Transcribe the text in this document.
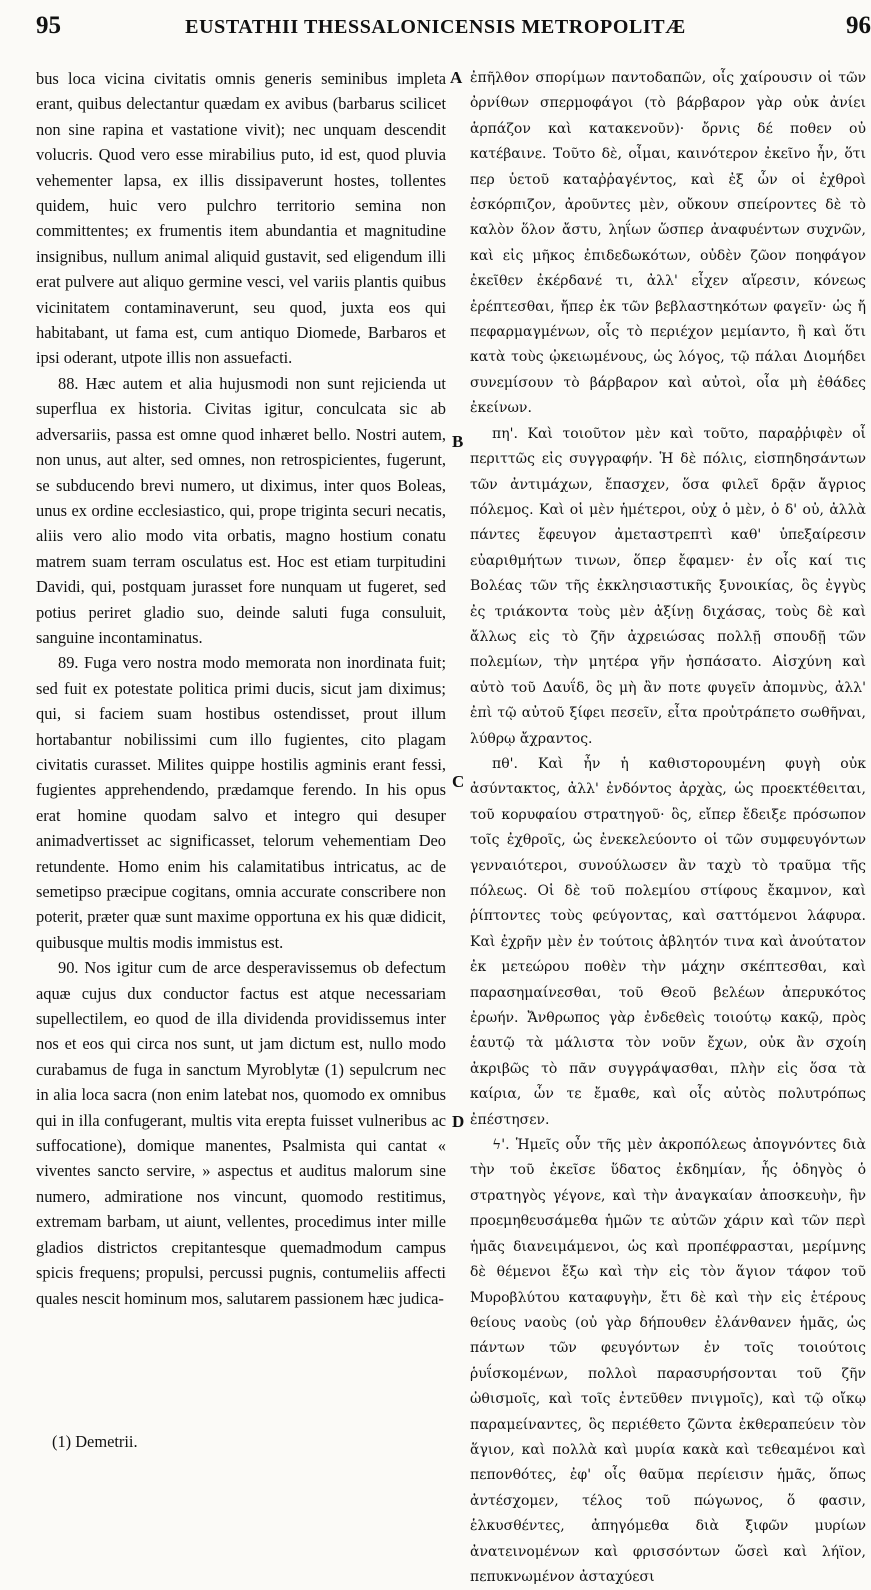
95	EUSTATHII THESSALONICENSIS METROPOLITÆ	96

bus loca vicina civitatis omnis generis seminibus impleta erant, quibus delectantur quædam ex avibus (barbarus scilicet non sine rapina et vastatione vivit); nec unquam descendit volucris. Quod vero esse mirabilius puto, id est, quod pluvia vehementer lapsa, ex illis dissipaverunt hostes, tollentes quidem, huic vero pulchro territorio semina non committentes; ex frumentis item abundantia et magnitudine insignibus, nullum animal aliquid gustavit, sed eligendum illi erat pulvere aut aliquo germine vesci, vel variis plantis quibus vicinitatem contaminaverunt, seu quod, juxta eos qui habitabant, ut fama est, cum antiquo Diomede, Barbaros et ipsi oderant, utpote illis non assuefacti.

88. Hæc autem et alia hujusmodi non sunt rejicienda ut superflua ex historia. Civitas igitur, conculcata sic ab adversariis, passa est omne quod inhæret bello. Nostri autem, non unus, aut alter, sed omnes, non retrospicientes, fugerunt, se subducendo brevi numero, ut diximus, inter quos Boleas, unus ex ordine ecclesiastico, qui, prope triginta securi necatis, aliis vero alio modo vita orbatis, magno hostium conatu matrem suam terram osculatus est. Hoc est etiam turpitudini Davidi, qui, postquam jurasset fore nunquam ut fugeret, sed potius periret gladio suo, deinde saluti fuga consuluit, sanguine incontaminatus.

89. Fuga vero nostra modo memorata non inordinata fuit; sed fuit ex potestate politica primi ducis, sicut jam diximus; qui, si faciem suam hostibus ostendisset, prout illum hortabantur nobilissimi cum illo fugientes, cito plagam civitatis curasset. Milites quippe hostilis agminis erant fessi, fugientes apprehendendo, prædamque ferendo. In his opus erat homine quodam salvo et integro qui desuper animadvertisset ac significasset, telorum vehementiam Deo retundente. Homo enim his calamitatibus intricatus, ac de semetipso præcipue cogitans, omnia accurate conscribere non poterit, præter quæ sunt maxime opportuna ex his quæ didicit, quibusque multis modis immistus est.

90. Nos igitur cum de arce desperavissemus ob defectum aquæ cujus dux conductor factus est atque necessariam supellectilem, eo quod de illa dividenda providissemus inter nos et eos qui circa nos sunt, ut jam dictum est, nullo modo curabamus de fuga in sanctum Myroblytæ (1) sepulcrum nec in alia loca sacra (non enim latebat nos, quomodo ex omnibus qui in illa confugerant, multis vita erepta fuisset vulneribus ac suffocatione), domique manentes, Psalmista qui cantat « viventes sancto servire, » aspectus et auditus malorum sine numero, admiratione nos vincunt, quomodo restitimus, extremam barbam, ut aiunt, vellentes, procedimus inter mille gladios districtos crepitantesque quemadmodum campus spicis frequens; propulsi, percussi pugnis, contumeliis affecti quales nescit hominum mos, salutarem passionem hæc judica-

A
B
C
D

ἐπῆλθον σπορίμων παντοδαπῶν, οἷς χαίρουσιν οἱ τῶν ὀρνίθων σπερμοφάγοι (τὸ βάρβαρον γὰρ οὐκ ἀνίει ἁρπάζον καὶ κατακενοῦν)· ὄρνις δέ ποθεν οὐ κατέβαινε. Τοῦτο δὲ, οἶμαι, καινότερον ἐκεῖνο ἦν, ὅτι περ ὑετοῦ καταῤῥαγέντος, καὶ ἐξ ὧν οἱ ἐχθροὶ ἐσκόρπιζον, ἀροῦντες μὲν, οὔκουν σπείροντες δὲ τὸ καλὸν ὅλον ἄστυ, ληΐων ὥσπερ ἀναφυέντων συχνῶν, καὶ εἰς μῆκος ἐπιδεδωκότων, οὐδὲν ζῶον ποηφάγον ἐκεῖθεν ἐκέρδανέ τι, ἀλλ' εἶχεν αἵρεσιν, κόνεως ἐρέπτεσθαι, ἤπερ ἐκ τῶν βεβλαστηκότων φαγεῖν· ὡς ἤ πεφαρμαγμένων, οἷς τὸ περιέχον μεμίαντο, ἢ καὶ ὅτι κατὰ τοὺς ᾠκειωμένους, ὡς λόγος, τῷ πάλαι Διομήδει συνεμίσουν τὸ βάρβαρον καὶ αὐτοὶ, οἷα μὴ ἐθάδες ἐκείνων.

πη'. Καὶ τοιοῦτον μὲν καὶ τοῦτο, παραῤῥιφὲν οἷ περιττῶς εἰς συγγραφήν. Ἡ δὲ πόλις, εἰσπηδησάντων τῶν ἀντιμάχων, ἔπασχεν, ὅσα φιλεῖ δρᾷν ἄγριος πόλεμος. Καὶ οἱ μὲν ἡμέτεροι, οὐχ ὁ μὲν, ὁ δ' οὐ, ἀλλὰ πάντες ἔφευγον ἀμεταστρεπτὶ καθ' ὑπεξαίρεσιν εὐαριθμήτων τινων, ὅπερ ἔφαμεν· ἐν οἷς καί τις Βολέας τῶν τῆς ἐκκλησιαστικῆς ξυνοικίας, ὃς ἐγγὺς ἐς τριάκοντα τοὺς μὲν ἀξίνῃ διχάσας, τοὺς δὲ καὶ ἄλλως εἰς τὸ ζῆν ἀχρειώσας πολλῇ σπουδῇ τῶν πολεμίων, τὴν μητέρα γῆν ἠσπάσατο. Αἰσχύνη καὶ αὐτὸ τοῦ Δαυΐδ, ὃς μὴ ἂν ποτε φυγεῖν ἀπομνὺς, ἀλλ' ἐπὶ τῷ αὐτοῦ ξίφει πεσεῖν, εἶτα προὐτράπετο σωθῆναι, λύθρῳ ἄχραντος.

πθ'. Καὶ ἦν ἡ καθιστορουμένη φυγὴ οὐκ ἀσύντακτος, ἀλλ' ἐνδόντος ἀρχὰς, ὡς προεκτέθειται, τοῦ κορυφαίου στρατηγοῦ· ὃς, εἴπερ ἔδειξε πρόσωπον τοῖς ἐχθροῖς, ὡς ἐνεκελεύοντο οἱ τῶν συμφευγόντων γενναιότεροι, συνούλωσεν ἂν ταχὺ τὸ τραῦμα τῆς πόλεως. Οἱ δὲ τοῦ πολεμίου στίφους ἔκαμνον, καὶ ῥίπτοντες τοὺς φεύγοντας, καὶ σαττόμενοι λάφυρα. Καὶ ἐχρῆν μὲν ἐν τούτοις ἀβλητόν τινα καὶ ἀνούτατον ἐκ μετεώρου ποθὲν τὴν μάχην σκέπτεσθαι, καὶ παρασημαίνεσθαι, τοῦ Θεοῦ βελέων ἀπερυκότος ἐρωήν. Ἄνθρωπος γὰρ ἐνδεθεὶς τοιούτῳ κακῷ, πρὸς ἑαυτῷ τὰ μάλιστα τὸν νοῦν ἔχων, οὐκ ἂν σχοίη ἀκριβῶς τὸ πᾶν συγγράψασθαι, πλὴν εἰς ὅσα τὰ καίρια, ὧν τε ἔμαθε, καὶ οἷς αὐτὸς πολυτρόπως ἐπέστησεν.

ϟ'. Ἡμεῖς οὖν τῆς μὲν ἀκροπόλεως ἀπογνόντες διὰ τὴν τοῦ ἐκεῖσε ὕδατος ἐκδημίαν, ἧς ὁδηγὸς ὁ στρατηγὸς γέγονε, καὶ τὴν ἀναγκαίαν ἀποσκευὴν, ἣν προεμηθευσάμεθα ἡμῶν τε αὐτῶν χάριν καὶ τῶν περὶ ἡμᾶς διανειμάμενοι, ὡς καὶ προπέφρασται, μερίμνης δὲ θέμενοι ἔξω καὶ τὴν εἰς τὸν ἅγιον τάφον τοῦ Μυροβλύτου καταφυγὴν, ἔτι δὲ καὶ τὴν εἰς ἑτέρους θείους ναοὺς (οὐ γὰρ δήπουθεν ἐλάνθανεν ἡμᾶς, ὡς πάντων τῶν φευγόντων ἐν τοῖς τοιούτοις ῥυΐσκομένων, πολλοὶ παρασυρήσονται τοῦ ζῆν ὠθισμοῖς, καὶ τοῖς ἐντεῦθεν πνιγμοῖς), καὶ τῷ οἴκῳ παραμείναντες, ὃς περιέθετο ζῶντα ἐκθεραπεύειν τὸν ἅγιον, καὶ πολλὰ καὶ μυρία κακὰ καὶ τεθεαμένοι καὶ πεπονθότες, ἐφ' οἷς θαῦμα περίεισιν ἡμᾶς, ὅπως ἀντέσχομεν, τέλος τοῦ πώγωνος, ὅ φασιν, ἑλκυσθέντες, ἀπηγόμεθα διὰ ξιφῶν μυρίων ἀνατεινομένων καὶ φρισσόντων ὥσεὶ καὶ λήϊον, πεπυκνωμένον ἀσταχύεσι

(1) Demetrii.
